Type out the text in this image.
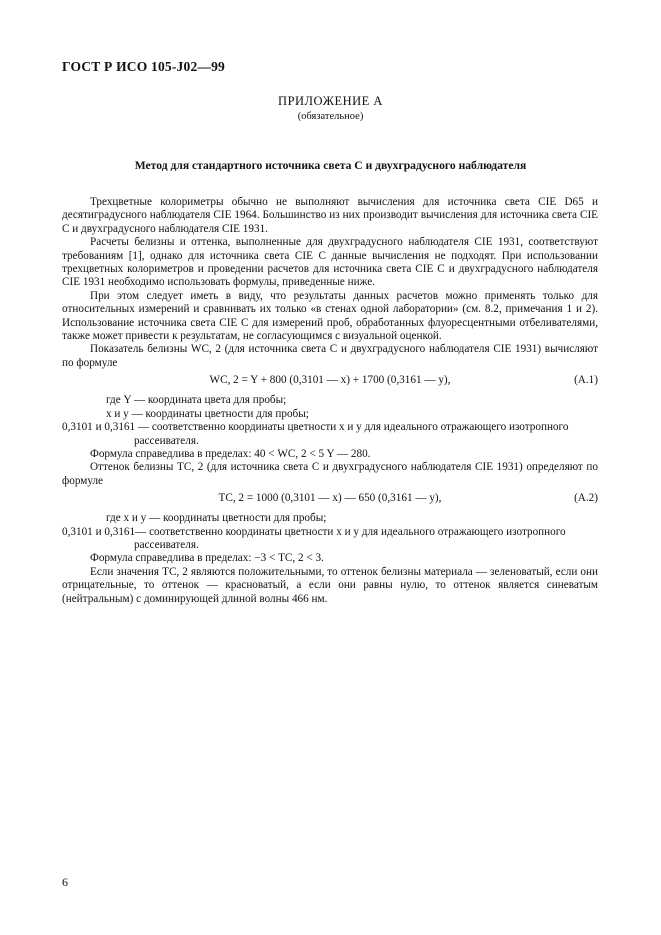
ГОСТ Р ИСО 105-J02—99
ПРИЛОЖЕНИЕ А
(обязательное)
Метод для стандартного источника света С и двухградусного наблюдателя

Трехцветные колориметры обычно не выполняют вычисления для источника света CIE D65 и десятиградусного наблюдателя CIE 1964. Большинство из них производит вычисления для источника света CIE С и двухградусного наблюдателя CIE 1931.

Расчеты белизны и оттенка, выполненные для двухградусного наблюдателя CIE 1931, соответствуют требованиям [1], однако для источника света CIE С данные вычисления не подходят. При использовании трехцветных колориметров и проведении расчетов для источника света CIE С и двухградусного наблюдателя CIE 1931 необходимо использовать формулы, приведенные ниже.

При этом следует иметь в виду, что результаты данных расчетов можно применять только для относительных измерений и сравнивать их только «в стенах одной лаборатории» (см. 8.2, примечания 1 и 2). Использование источника света CIE С для измерений проб, обработанных флуоресцентными отбеливателями, также может привести к результатам, не согласующимся с визуальной оценкой.

Показатель белизны WC, 2 (для источника света С и двухградусного наблюдателя CIE 1931) вычисляют по формуле

WC, 2 = Y + 800 (0,3101 — x) + 1700 (0,3161 — y),	(А.1)
где Y — координата цвета для пробы;
x и y — координаты цветности для пробы;
0,3101 и 0,3161 — соответственно координаты цветности x и y для идеального отражающего изотропного рассеивателя.

Формула справедлива в пределах: 40 < WC, 2 < 5 Y — 280.

Оттенок белизны TC, 2 (для источника света С и двухградусного наблюдателя CIE 1931) определяют по формуле

TC, 2 = 1000 (0,3101 — x) — 650 (0,3161 — y),	(А.2)
где x и y — координаты цветности для пробы;
0,3101 и 0,3161— соответственно координаты цветности x и y для идеального отражающего изотропного рассеивателя.

Формула справедлива в пределах: −3 < TC, 2 < 3.

Если значения TC, 2 являются положительными, то оттенок белизны материала — зеленоватый, если они отрицательные, то оттенок — красноватый, а если они равны нулю, то оттенок является синеватым (нейтральным) с доминирующей длиной волны 466 нм.

6
